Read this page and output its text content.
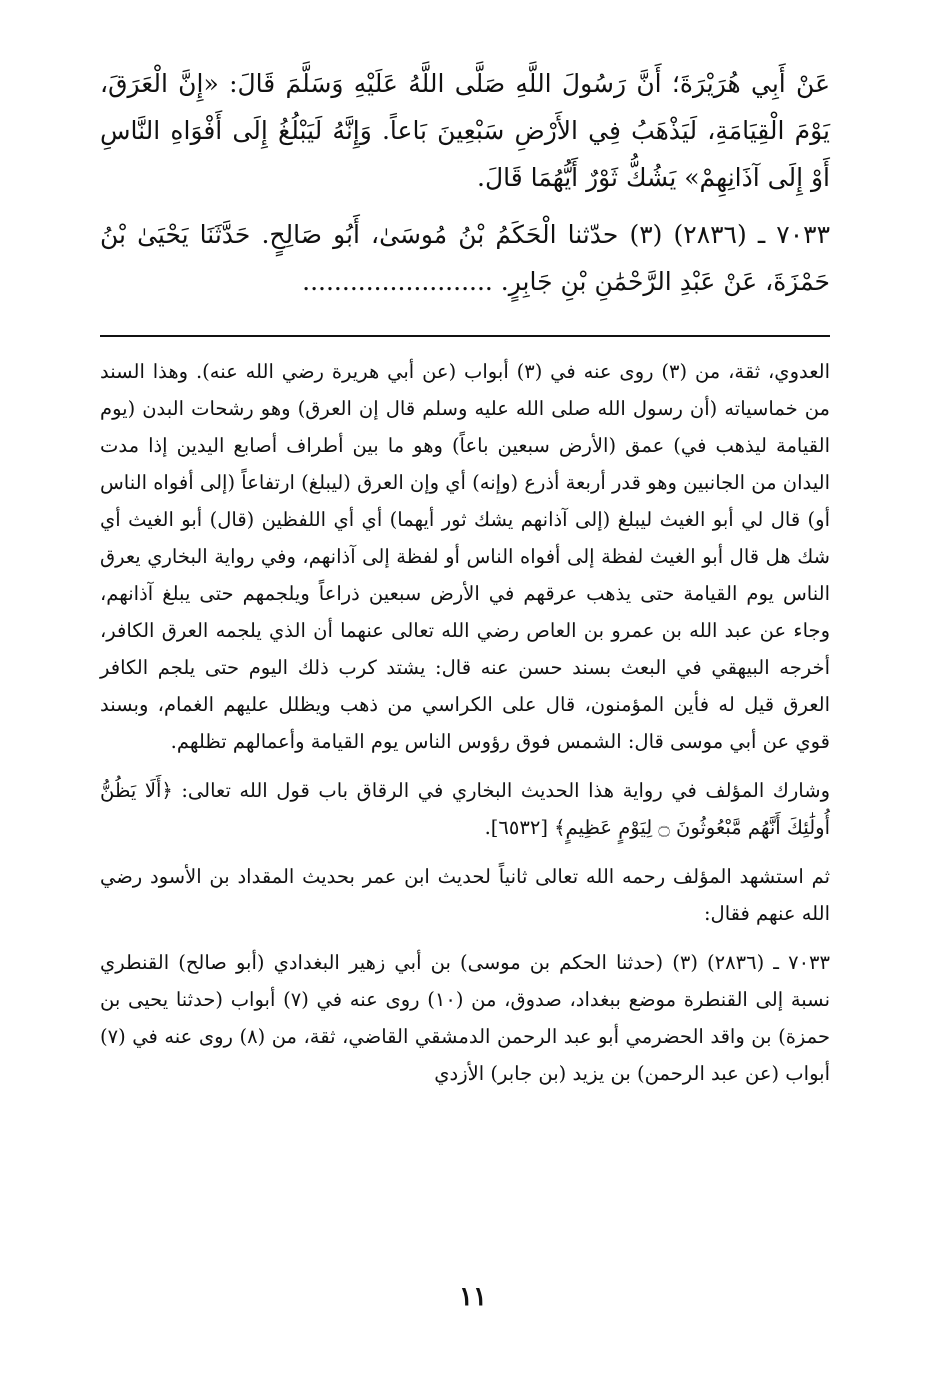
عَنْ أَبِي هُرَيْرَةَ؛ أَنَّ رَسُولَ اللَّهِ صَلَّى اللَّهُ عَلَيْهِ وَسَلَّمَ قَالَ: «إِنَّ الْعَرَقَ، يَوْمَ الْقِيَامَةِ، لَيَذْهَبُ فِي الأَرْضِ سَبْعِينَ بَاعاً. وَإِنَّهُ لَيَبْلُغُ إِلَى أَفْوَاهِ النَّاسِ أَوْ إِلَى آذَانِهِمْ» يَشُكُّ ثَوْرٌ أَيُّهُمَا قَالَ.

٧٠٣٣ ـ (٢٨٣٦) (٣) حدّثنا الْحَكَمُ بْنُ مُوسَىٰ، أَبُو صَالِحٍ. حَدَّثَنَا يَحْيَىٰ بْنُ حَمْزَةَ، عَنْ عَبْدِ الرَّحْمَٰنِ بْنِ جَابِرٍ. ........................

العدوي، ثقة، من (٣) روى عنه في (٣) أبواب (عن أبي هريرة رضي الله عنه). وهذا السند من خماسياته (أن رسول الله صلى الله عليه وسلم قال إن العرق) وهو رشحات البدن (يوم القيامة ليذهب في) عمق (الأرض سبعين باعاً) وهو ما بين أطراف أصابع اليدين إذا مدت اليدان من الجانبين وهو قدر أربعة أذرع (وإنه) أي وإن العرق (ليبلغ) ارتفاعاً (إلى أفواه الناس أو) قال لي أبو الغيث ليبلغ (إلى آذانهم يشك ثور أيهما) أي أي اللفظين (قال) أبو الغيث أي شك هل قال أبو الغيث لفظة إلى أفواه الناس أو لفظة إلى آذانهم، وفي رواية البخاري يعرق الناس يوم القيامة حتى يذهب عرقهم في الأرض سبعين ذراعاً ويلجمهم حتى يبلغ آذانهم، وجاء عن عبد الله بن عمرو بن العاص رضي الله تعالى عنهما أن الذي يلجمه العرق الكافر، أخرجه البيهقي في البعث بسند حسن عنه قال: يشتد كرب ذلك اليوم حتى يلجم الكافر العرق قيل له فأين المؤمنون، قال على الكراسي من ذهب ويظلل عليهم الغمام، وبسند قوي عن أبي موسى قال: الشمس فوق رؤوس الناس يوم القيامة وأعمالهم تظلهم.

وشارك المؤلف في رواية هذا الحديث البخاري في الرقاق باب قول الله تعالى: ﴿أَلَا يَظُنُّ أُولَٰئِكَ أَنَّهُم مَّبْعُوثُونَ ۝ لِيَوْمٍ عَظِيمٍ﴾ [٦٥٣٢].

ثم استشهد المؤلف رحمه الله تعالى ثانياً لحديث ابن عمر بحديث المقداد بن الأسود رضي الله عنهم فقال:

٧٠٣٣ ـ (٢٨٣٦) (٣) (حدثنا الحكم بن موسى) بن أبي زهير البغدادي (أبو صالح) القنطري نسبة إلى القنطرة موضع ببغداد، صدوق، من (١٠) روى عنه في (٧) أبواب (حدثنا يحيى بن حمزة) بن واقد الحضرمي أبو عبد الرحمن الدمشقي القاضي، ثقة، من (٨) روى عنه في (٧) أبواب (عن عبد الرحمن) بن يزيد (بن جابر) الأزدي

١١
